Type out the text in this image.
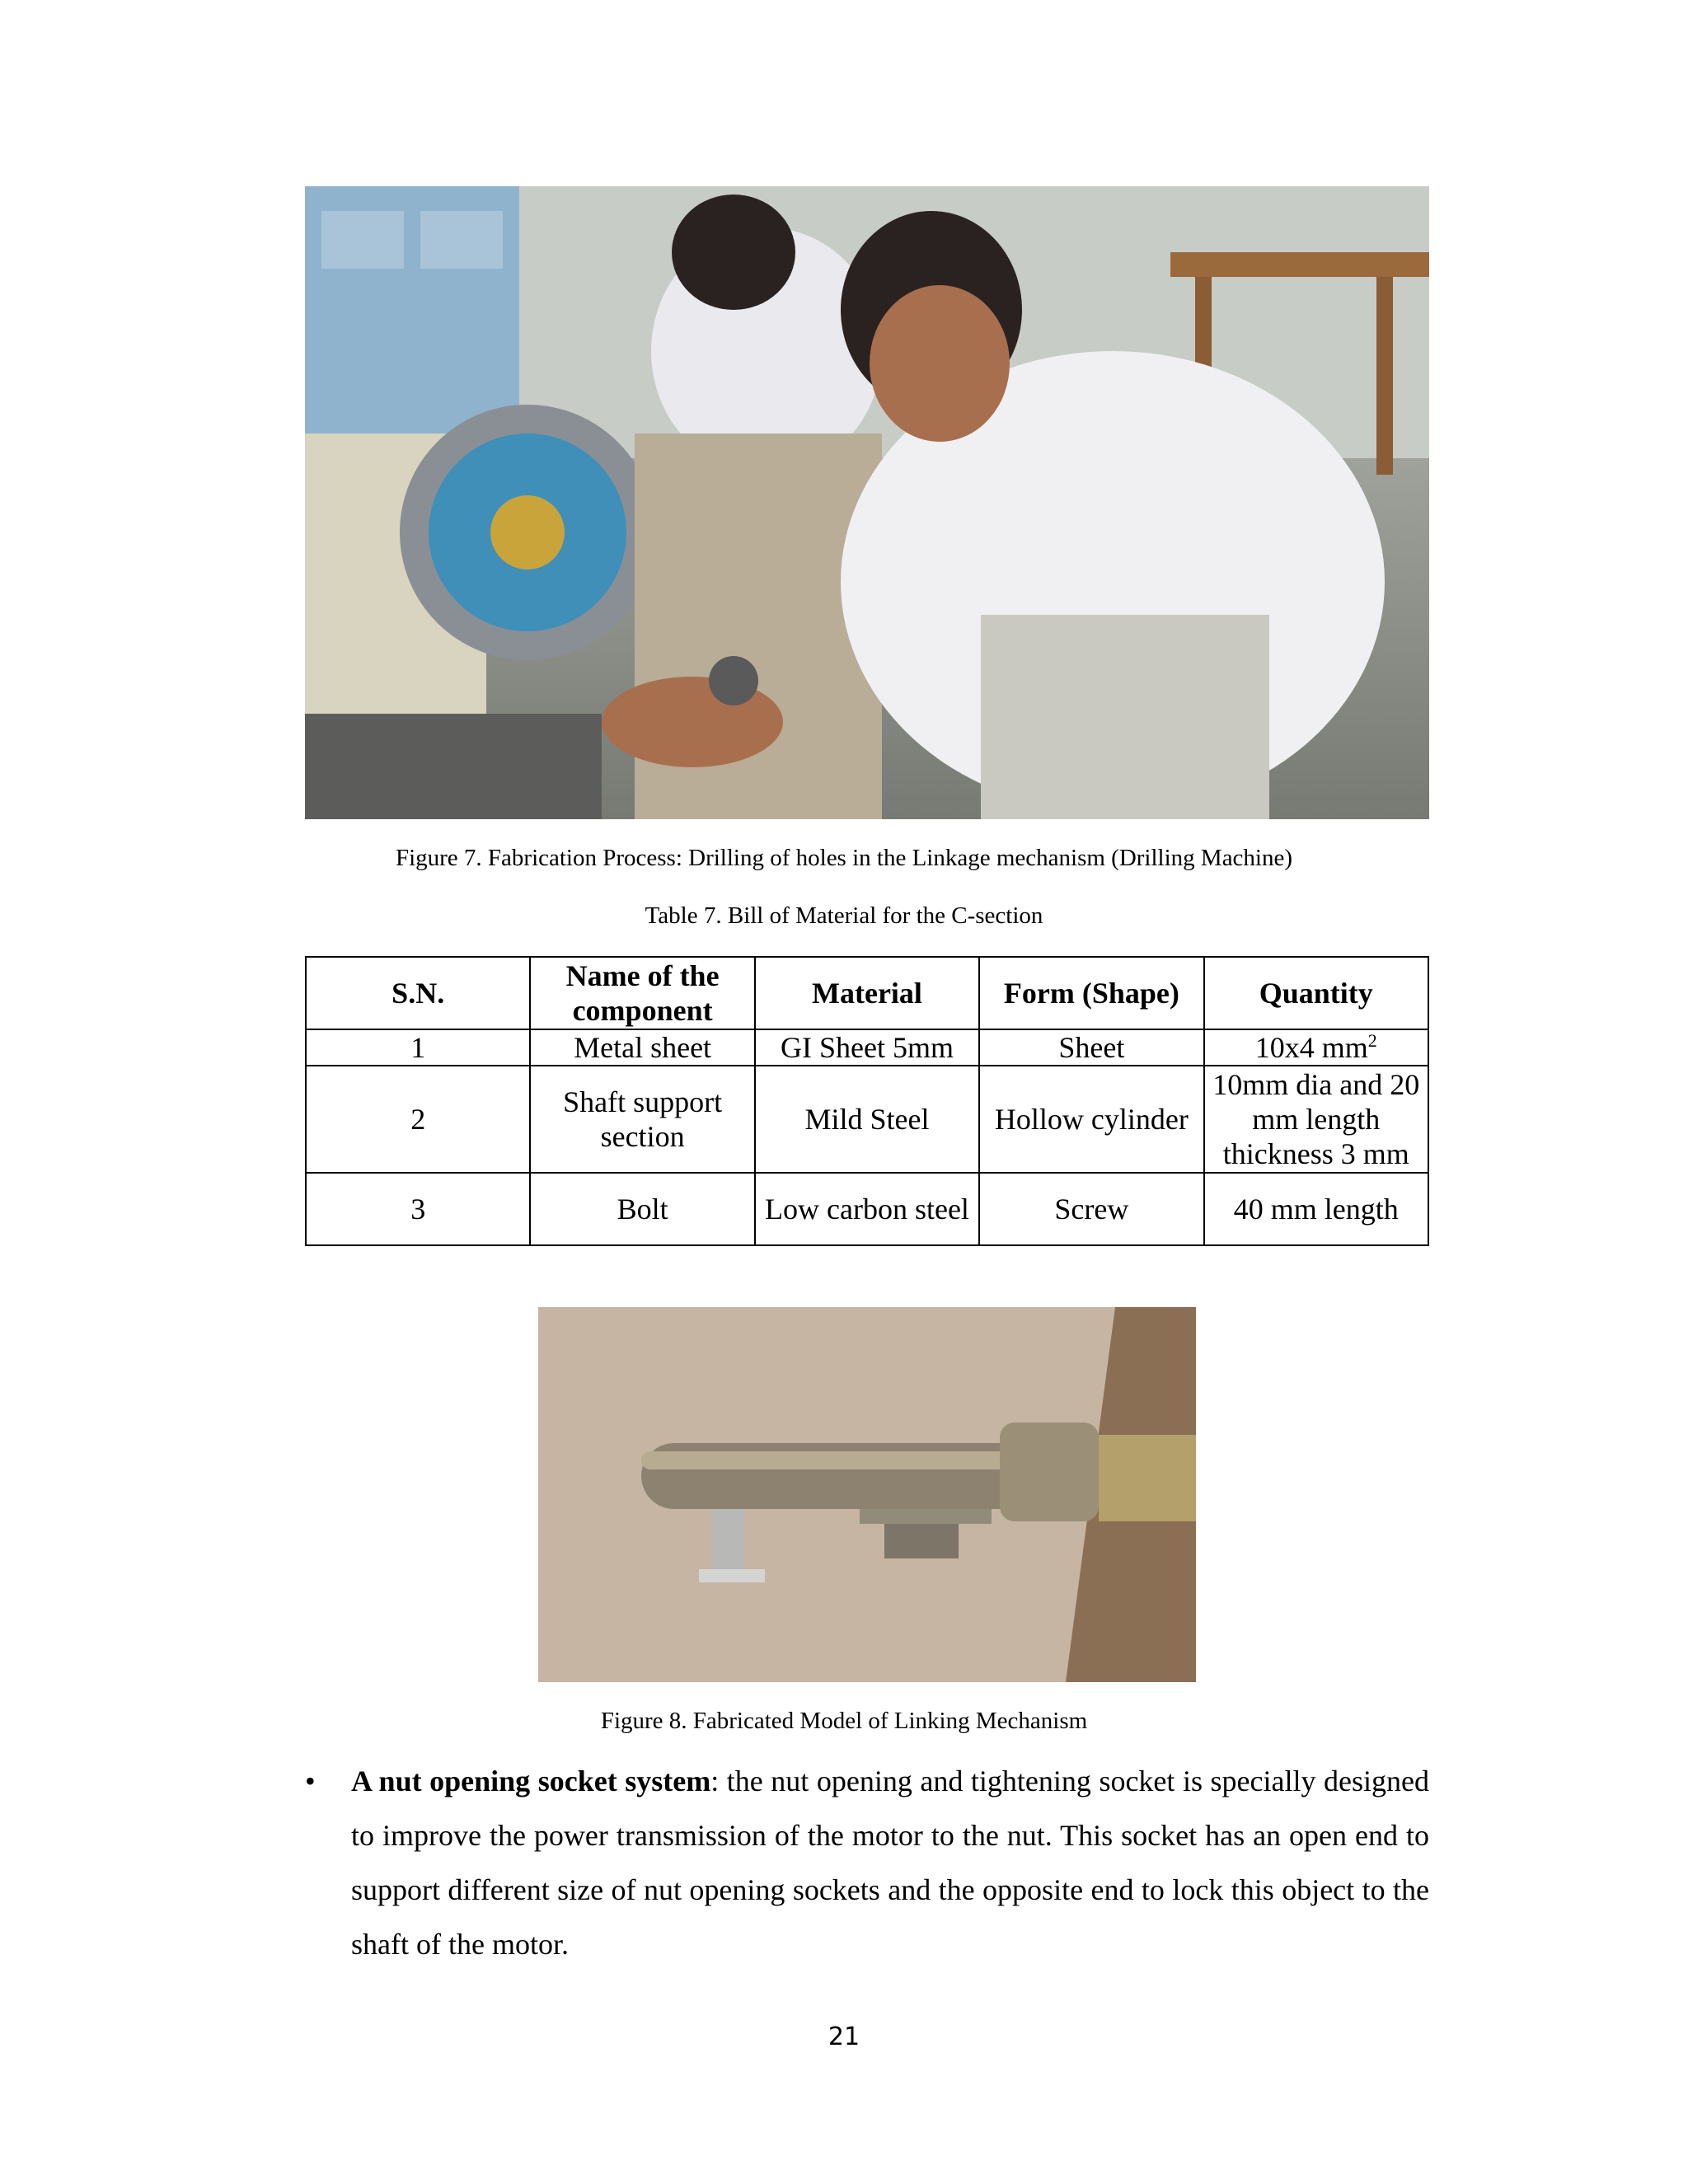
Figure 7. Fabrication Process: Drilling of holes in the Linkage mechanism (Drilling Machine)
Table 7. Bill of Material for the C-section
S.N.	Name of the component	Material	Form (Shape)	Quantity
1	Metal sheet	GI Sheet 5mm	Sheet	10x4 $mm^2$
2	Shaft support section	Mild Steel	Hollow cylinder	10mm dia and 20 mm length thickness 3 mm
3	Bolt	Low carbon steel	Screw	40 mm length
Figure 8. Fabricated Model of Linking Mechanism
•	A nut opening socket system: the nut opening and tightening socket is specially designed to improve the power transmission of the motor to the nut. This socket has an open end to support different size of nut opening sockets and the opposite end to lock this object to the shaft of the motor.
21
